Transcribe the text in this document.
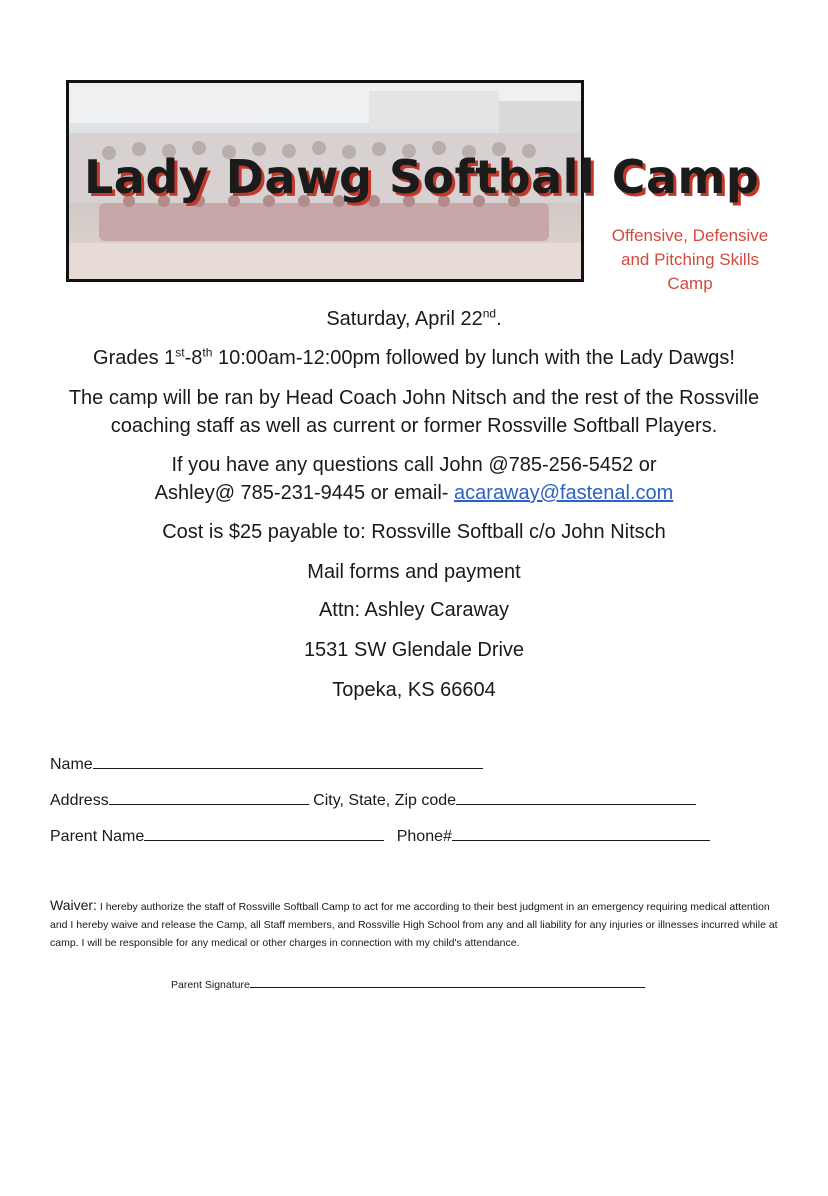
Lady Dawg Softball Camp
Offensive, Defensive
and Pitching Skills
Camp
Saturday, April 22nd.
Grades 1st-8th 10:00am-12:00pm followed by lunch with the Lady Dawgs!
The camp will be ran by Head Coach John Nitsch and the rest of the Rossville
coaching staff as well as current or former Rossville Softball Players.
If you have any questions call John @785-256-5452 or
Ashley@ 785-231-9445 or email- acaraway@fastenal.com
Cost is $25 payable to: Rossville Softball c/o John Nitsch
Mail forms and payment
Attn: Ashley Caraway
1531 SW Glendale Drive
Topeka, KS 66604
Name
Address	City, State, Zip code
Parent Name	Phone#
Waiver: I hereby authorize the staff of Rossville Softball Camp to act for me according to their best judgment in an emergency requiring medical attention and I hereby waive and release the Camp, all Staff members, and Rossville High School from any and all liability for any injuries or illnesses incurred while at camp. I will be responsible for any medical or other charges in connection with my child's attendance.
Parent Signature
